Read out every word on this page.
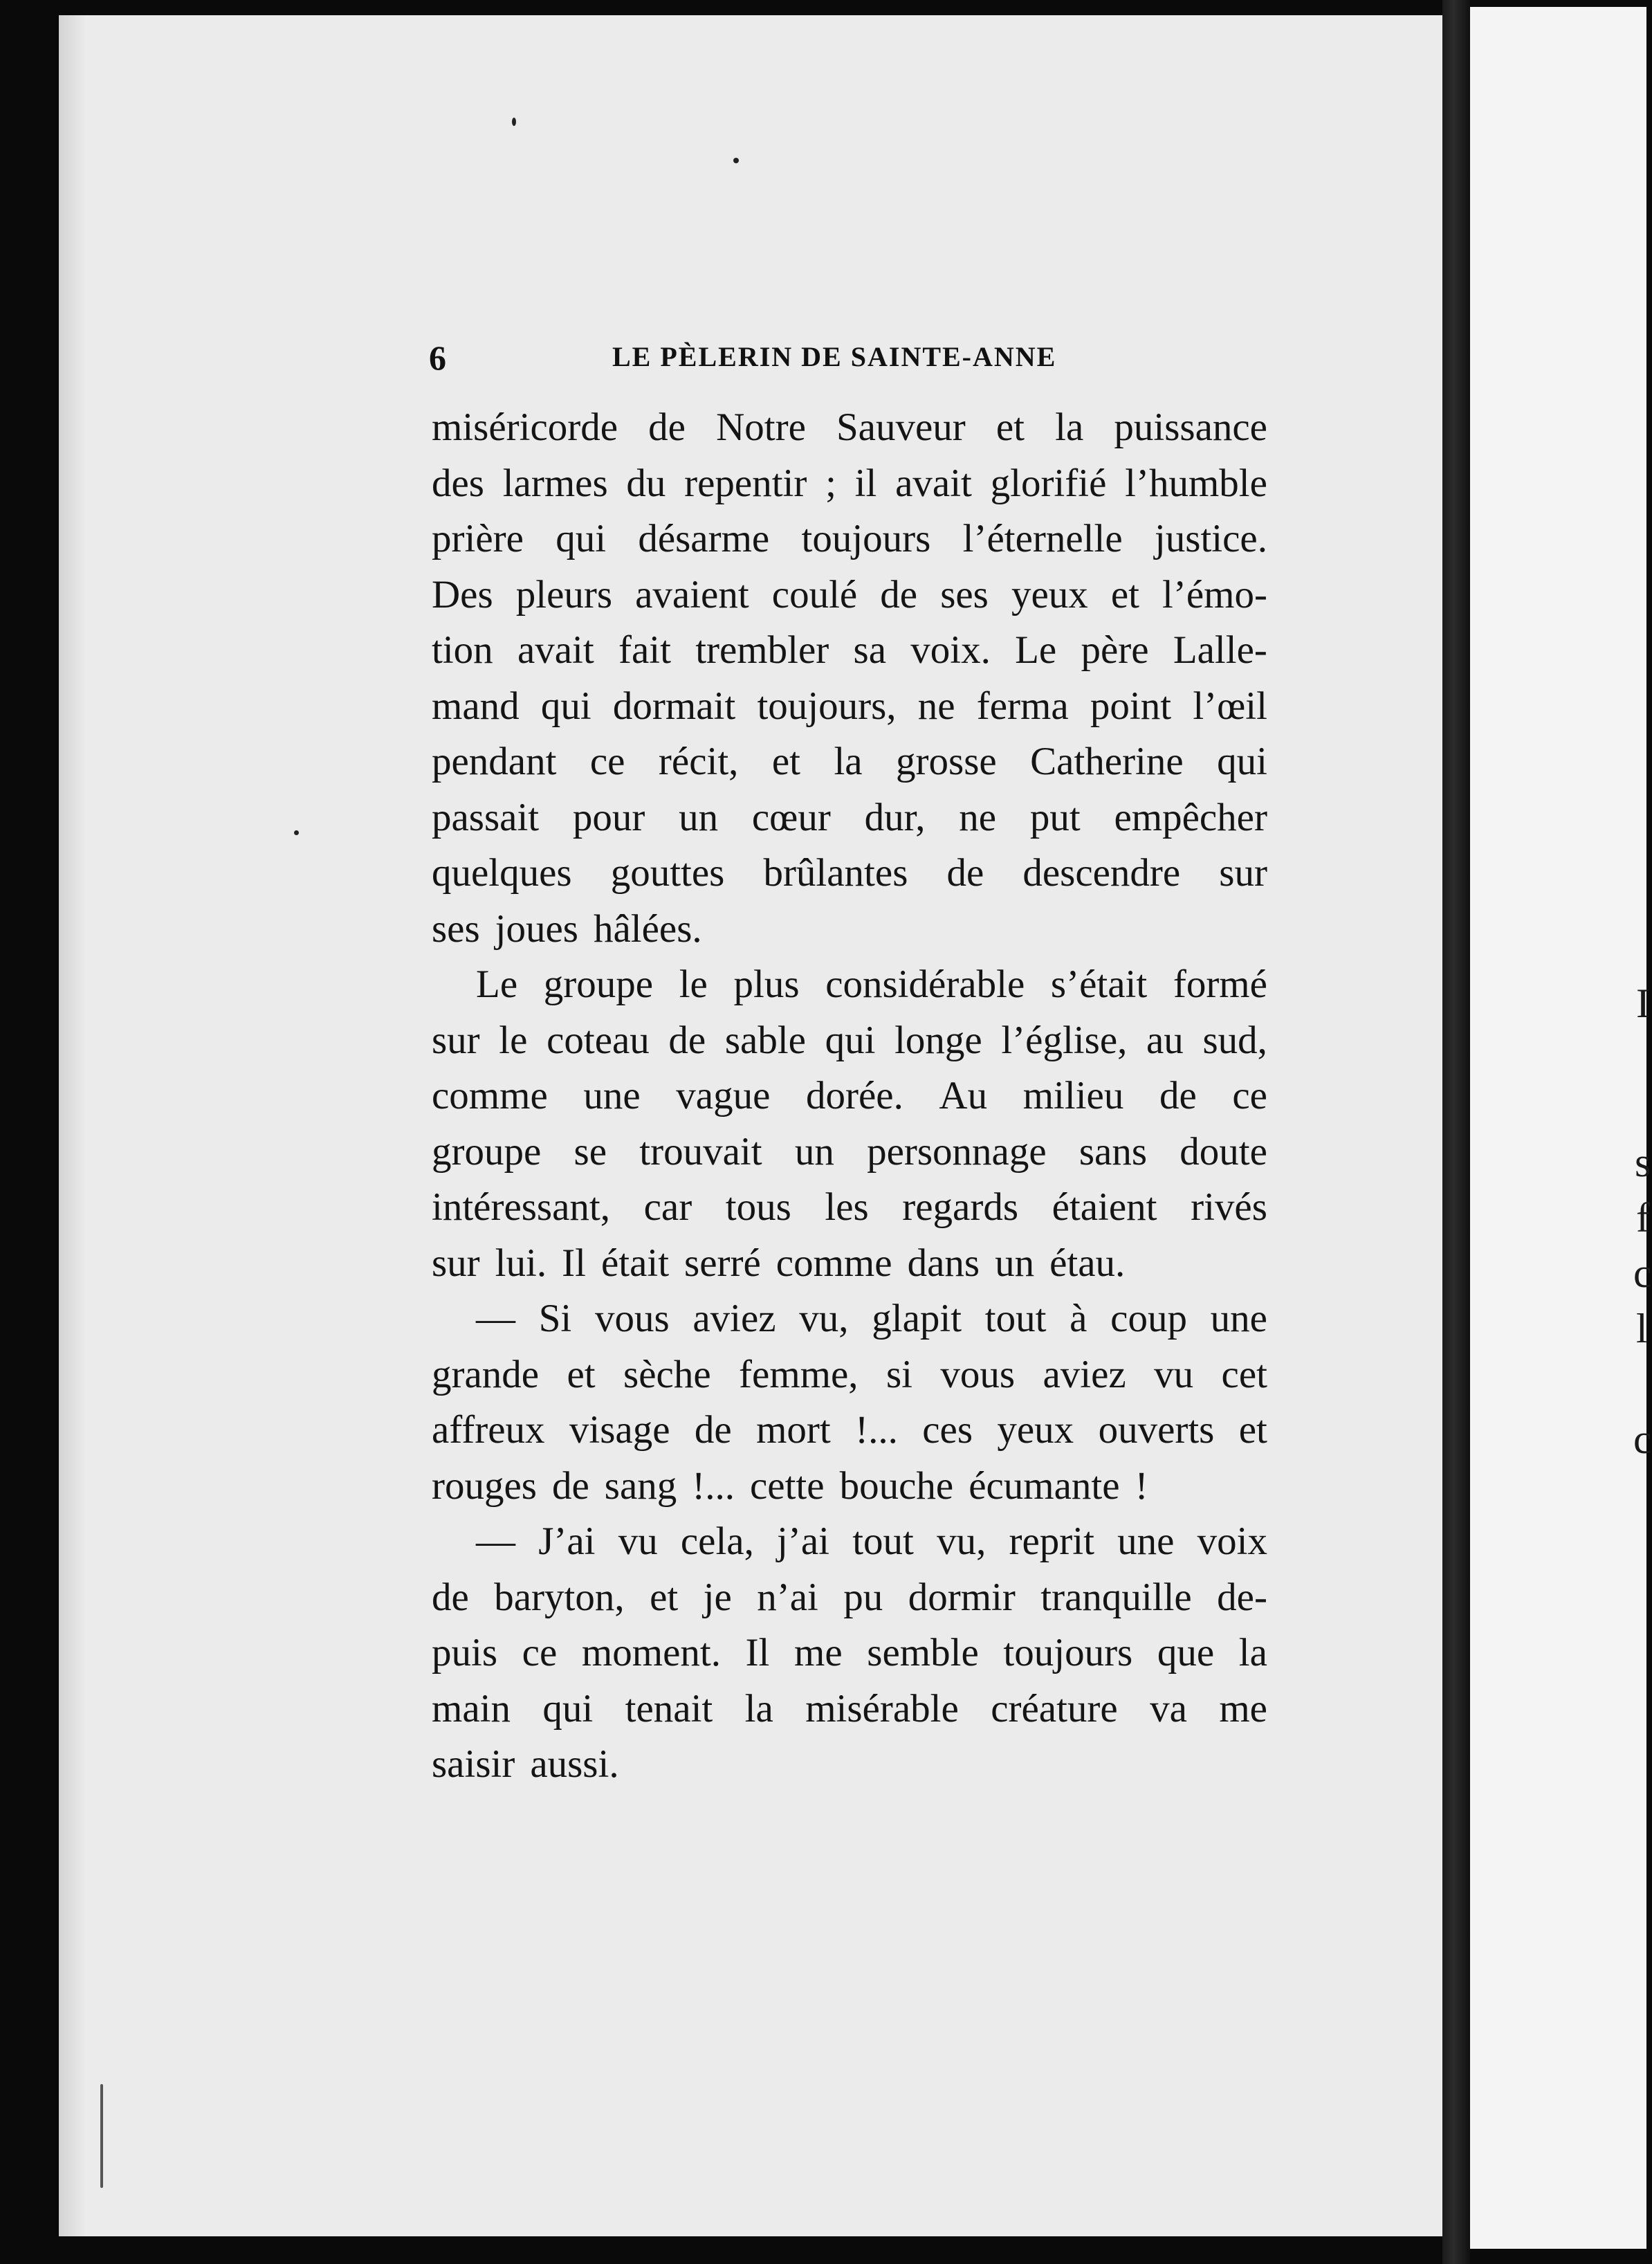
I
s
f
c
l
c
6	LE PÈLERIN DE SAINTE-ANNE
miséricorde de Notre Sauveur et la puissance
des larmes du repentir ; il avait glorifié l’humble
prière qui désarme toujours l’éternelle justice.
Des pleurs avaient coulé de ses yeux et l’émo-
tion avait fait trembler sa voix. Le père Lalle-
mand qui dormait toujours, ne ferma point l’œil
pendant ce récit, et la grosse Catherine qui
passait pour un cœur dur, ne put empêcher
quelques gouttes brûlantes de descendre sur
ses joues hâlées.
Le groupe le plus considérable s’était formé
sur le coteau de sable qui longe l’église, au sud,
comme une vague dorée. Au milieu de ce
groupe se trouvait un personnage sans doute
intéressant, car tous les regards étaient rivés
sur lui. Il était serré comme dans un étau.
— Si vous aviez vu, glapit tout à coup une
grande et sèche femme, si vous aviez vu cet
affreux visage de mort !... ces yeux ouverts et
rouges de sang !... cette bouche écumante !
— J’ai vu cela, j’ai tout vu, reprit une voix
de baryton, et je n’ai pu dormir tranquille de-
puis ce moment. Il me semble toujours que la
main qui tenait la misérable créature va me
saisir aussi.
